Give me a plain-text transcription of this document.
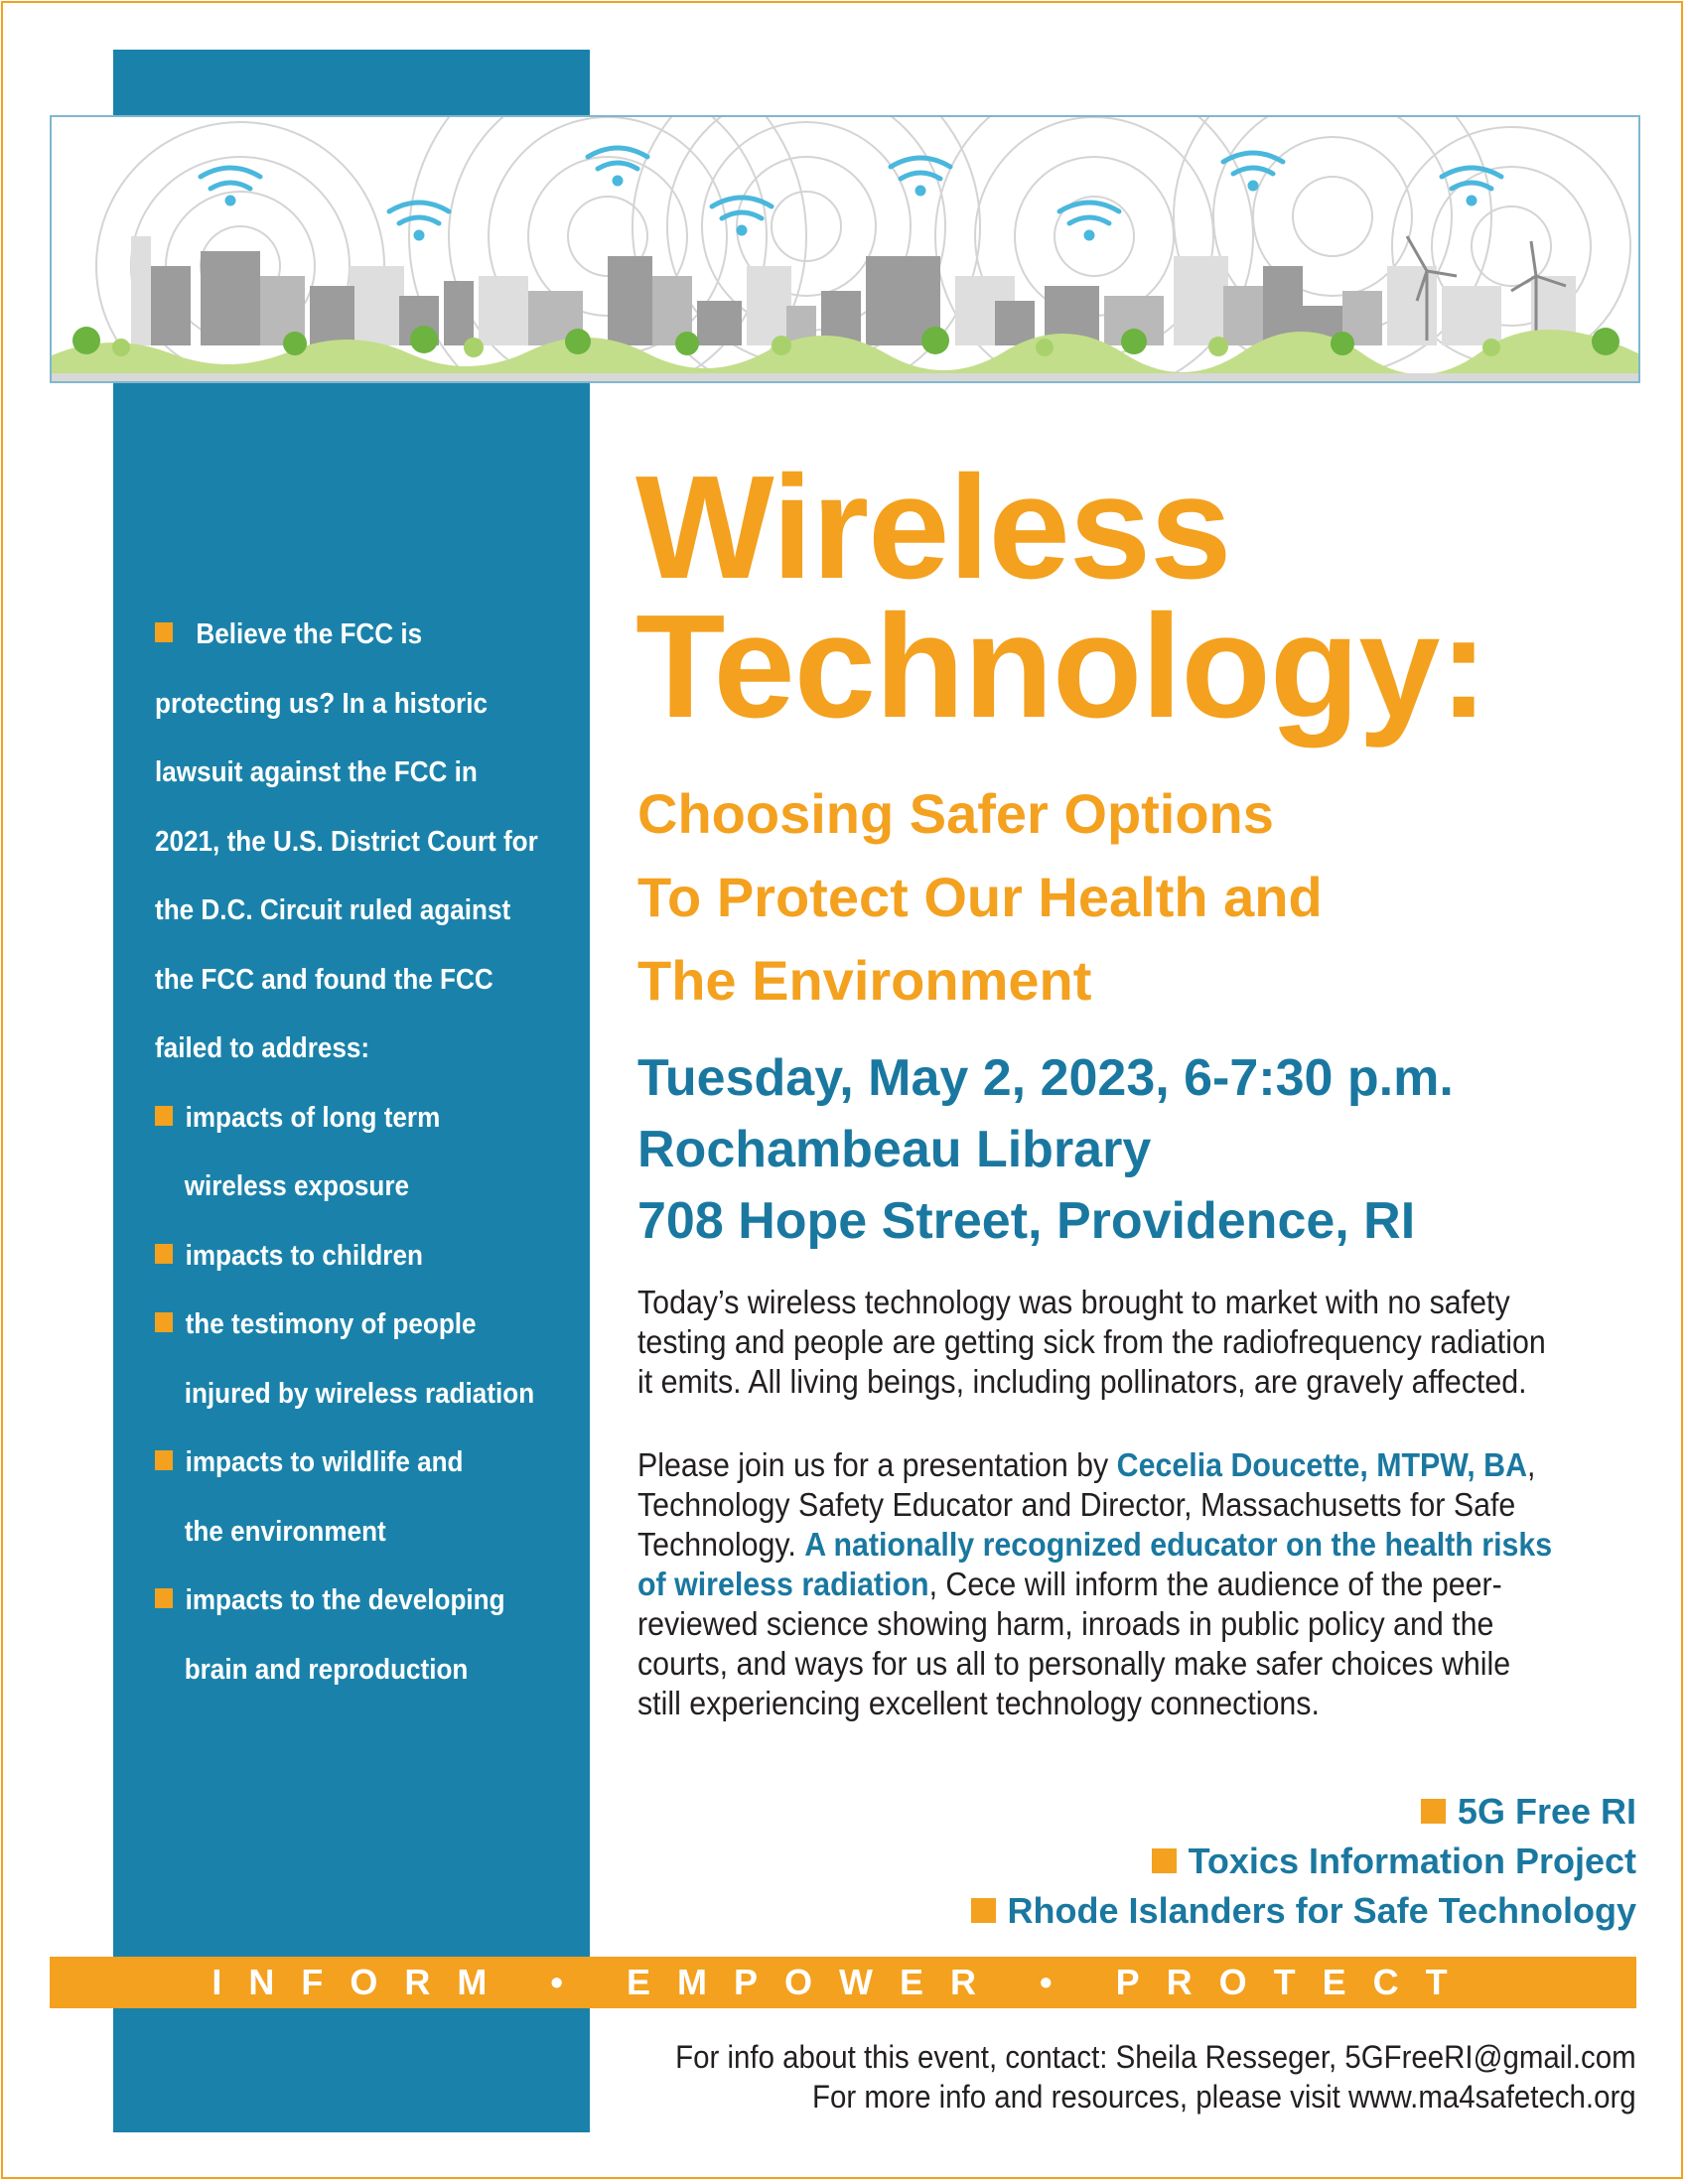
Believe the FCC is
protecting us? In a historic
lawsuit against the FCC in
2021, the U.S. District Court for
the D.C. Circuit ruled against
the FCC and found the FCC
failed to address:
impacts of long term
wireless exposure
impacts to children
the testimony of people
injured by wireless radiation
impacts to wildlife and
the environment
impacts to the developing
brain and reproduction
Wireless
Technology:
Choosing Safer Options
To Protect Our Health and
The Environment
Tuesday, May 2, 2023, 6-7:30 p.m.
Rochambeau Library
708 Hope Street, Providence, RI

Today’s wireless technology was brought to market with no safety testing and people are getting sick from the radiofrequency radiation it emits. All living beings, including pollinators, are gravely affected.

Please join us for a presentation by Cecelia Doucette, MTPW, BA, Technology Safety Educator and Director, Massachusetts for Safe Technology. A nationally recognized educator on the health risks of wireless radiation, Cece will inform the audience of the peer-reviewed science showing harm, inroads in public policy and the courts, and ways for us all to personally make safer choices while still experiencing excellent technology connections.

5G Free RI
Toxics Information Project
Rhode Islanders for Safe Technology
INFORM • EMPOWER • PROTECT
For info about this event, contact: Sheila Resseger, 5GFreeRI@gmail.com
For more info and resources, please visit www.ma4safetech.org
